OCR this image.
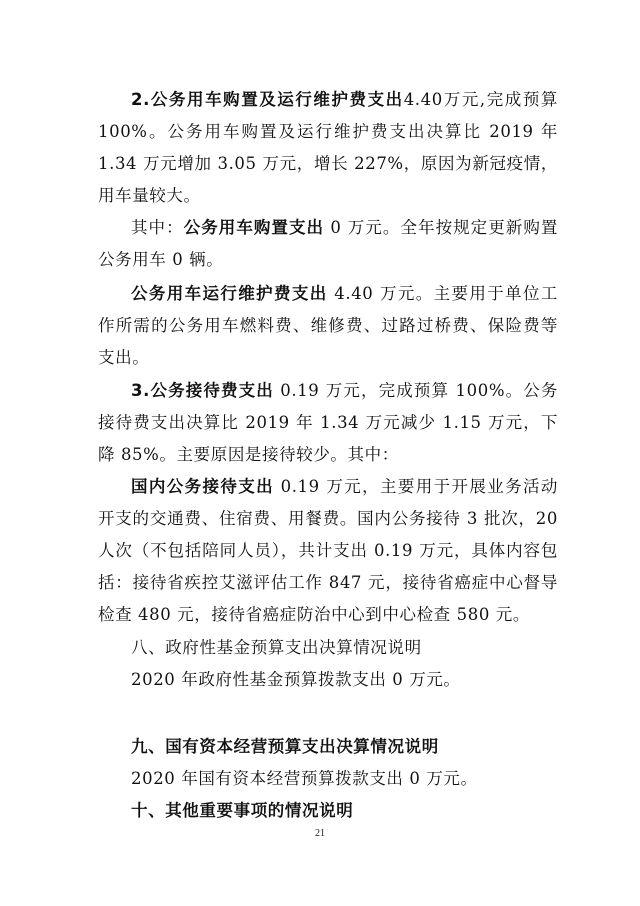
2.公务用车购置及运行维护费支出4.40万元,完成预算100%。公务用车购置及运行维护费支出决算比 2019 年 1.34 万元增加 3.05 万元，增长 227%，原因为新冠疫情，用车量较大。

其中：公务用车购置支出 0 万元。全年按规定更新购置公务用车 0 辆。

公务用车运行维护费支出 4.40 万元。主要用于单位工作所需的公务用车燃料费、维修费、过路过桥费、保险费等支出。

3.公务接待费支出 0.19 万元，完成预算 100%。公务接待费支出决算比 2019 年 1.34 万元减少 1.15 万元，下降 85%。主要原因是接待较少。其中：

国内公务接待支出 0.19 万元，主要用于开展业务活动开支的交通费、住宿费、用餐费。国内公务接待 3 批次，20 人次（不包括陪同人员），共计支出 0.19 万元，具体内容包括：接待省疾控艾滋评估工作 847 元，接待省癌症中心督导检查 480 元，接待省癌症防治中心到中心检查 580 元。

八、政府性基金预算支出决算情况说明
2020 年政府性基金预算拨款支出 0 万元。
九、国有资本经营预算支出决算情况说明
2020 年国有资本经营预算拨款支出 0 万元。
十、其他重要事项的情况说明
21
